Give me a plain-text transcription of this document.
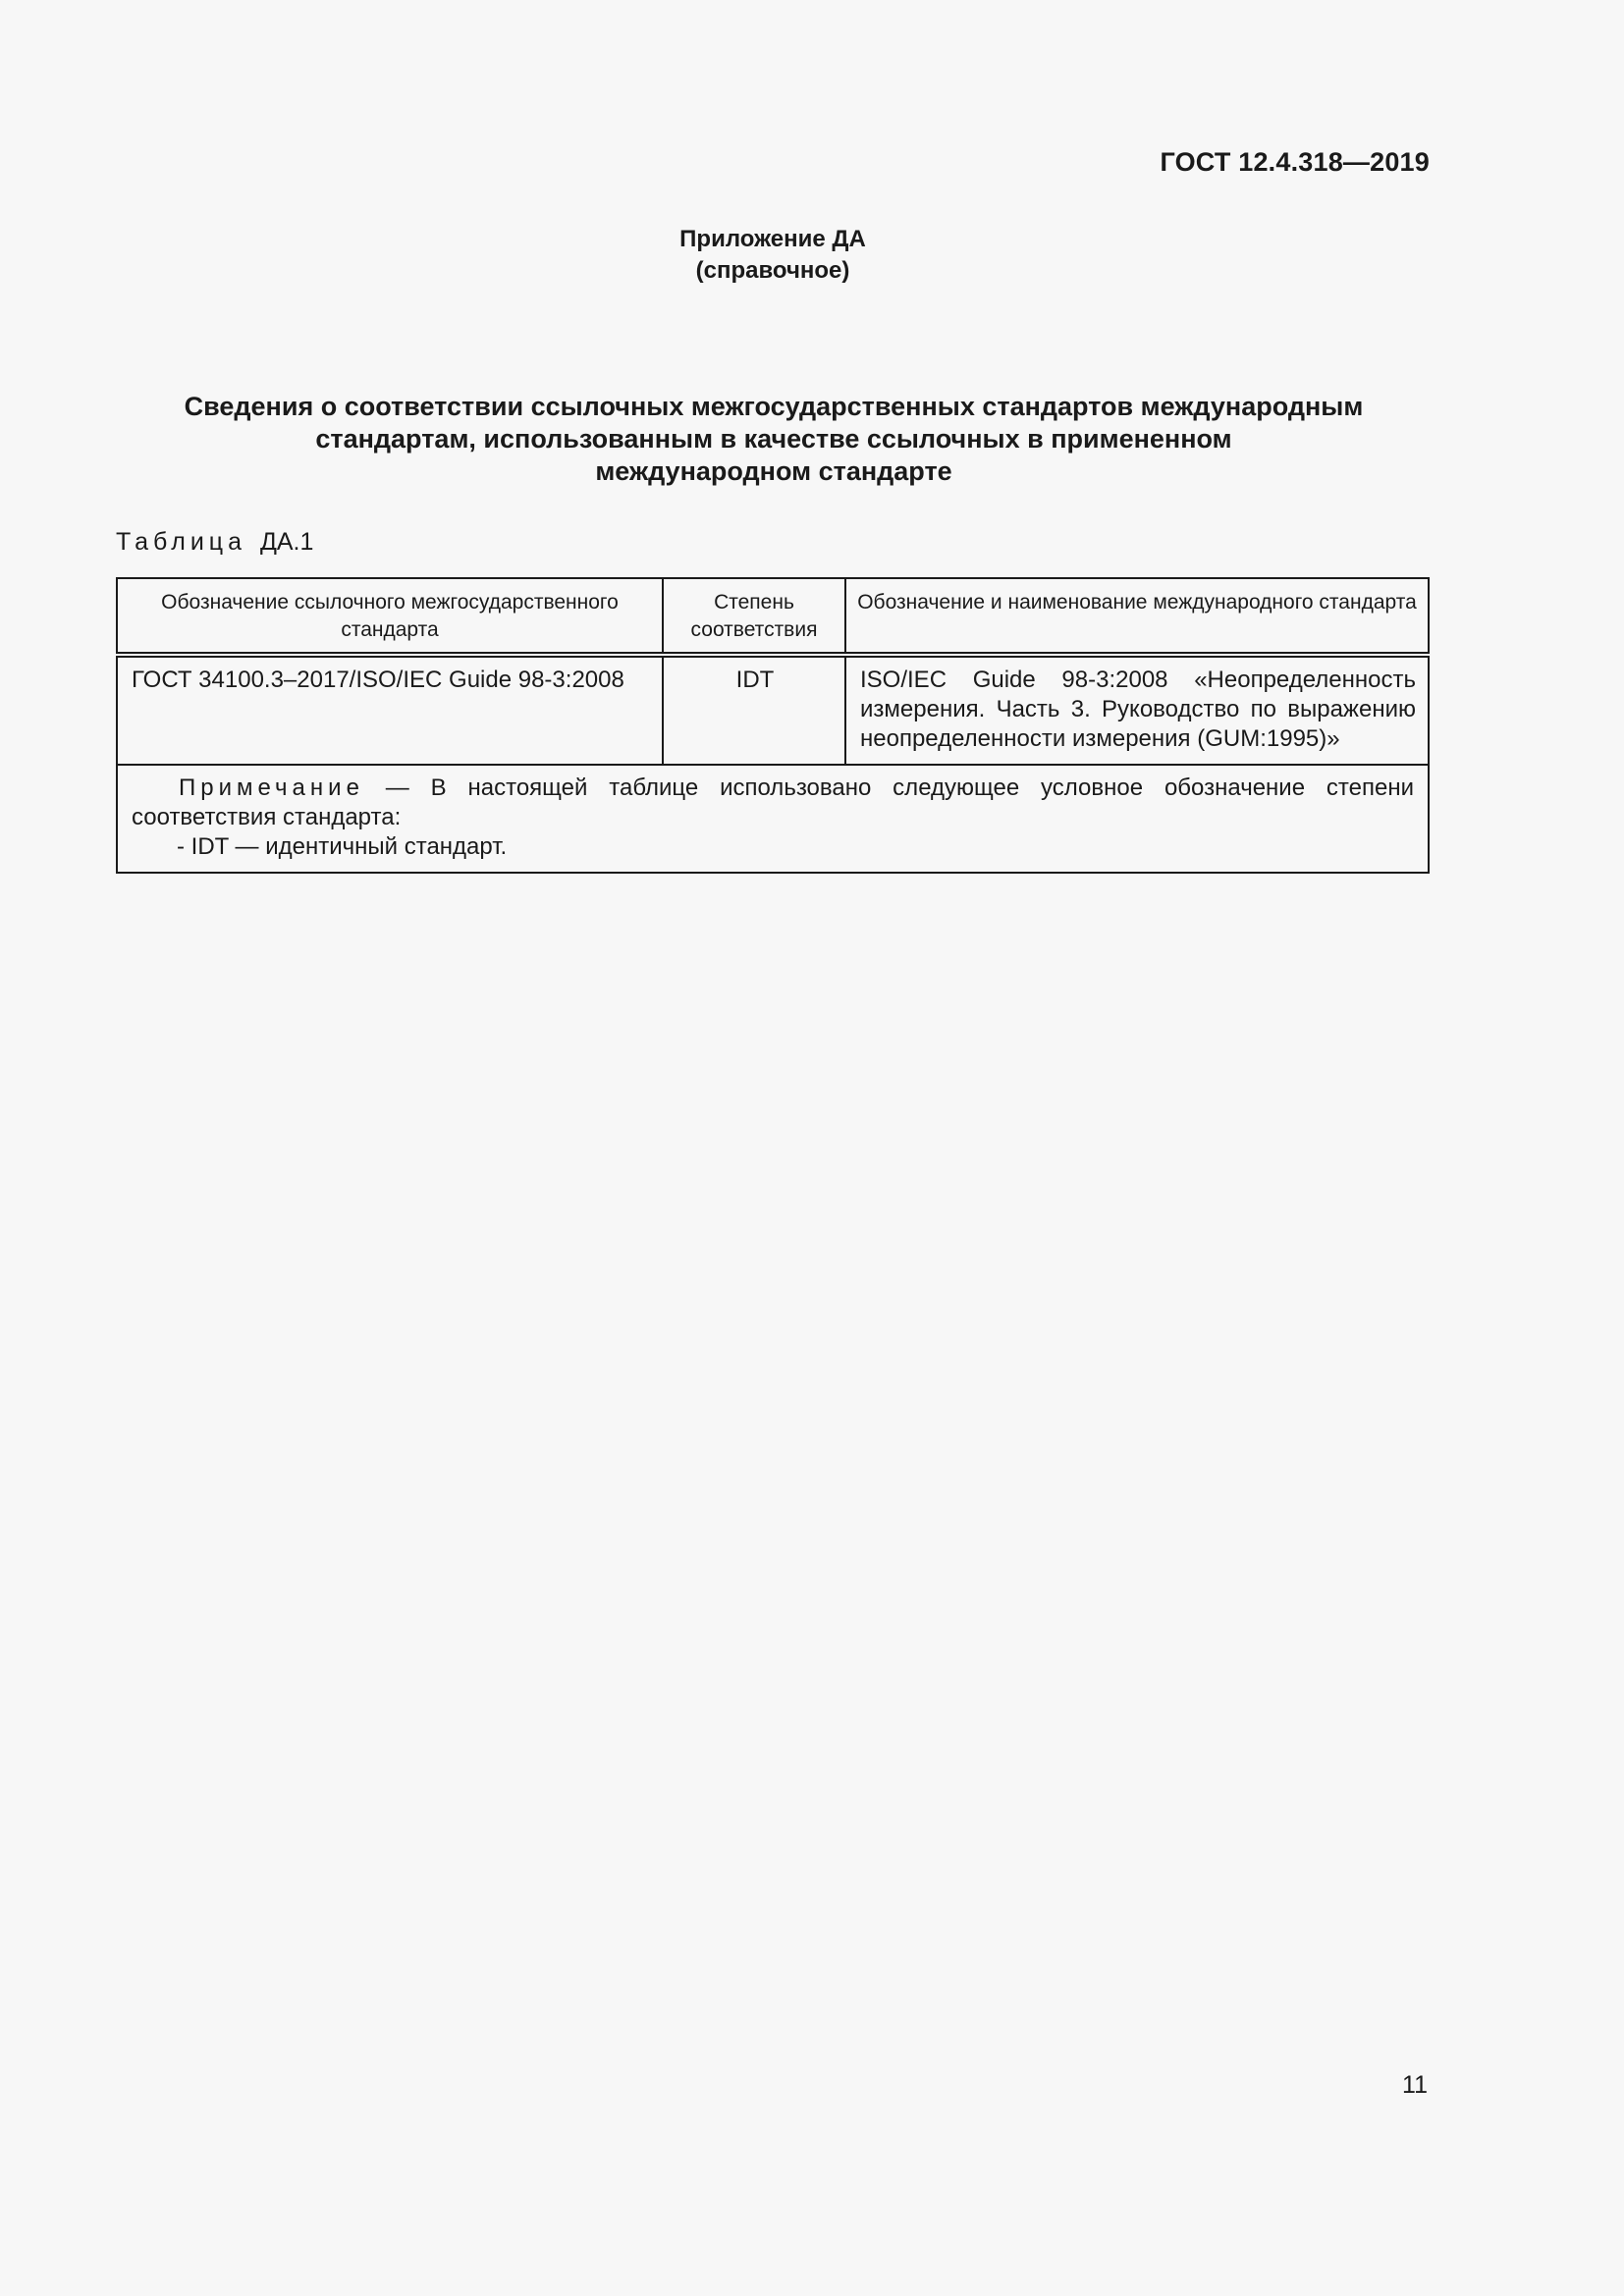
ГОСТ 12.4.318—2019
Приложение ДА
(справочное)
Сведения о соответствии ссылочных межгосударственных стандартов международным
стандартам, использованным в качестве ссылочных в примененном
международном стандарте
Таблица ДА.1
Обозначение ссылочного межгосударственного стандарта	Степень соответствия	Обозначение и наименование международного стандарта
ГОСТ 34100.3–2017/ISO/IEC Guide 98-3:2008	IDT	ISO/IEC Guide 98-3:2008 «Неопределенность измерения. Часть 3. Руководство по выражению неопределенности измерения (GUM:1995)»

Примечание — В настоящей таблице использовано следующее условное обозначение степени соответствия стандарта:
- IDT — идентичный стандарт.		
11
